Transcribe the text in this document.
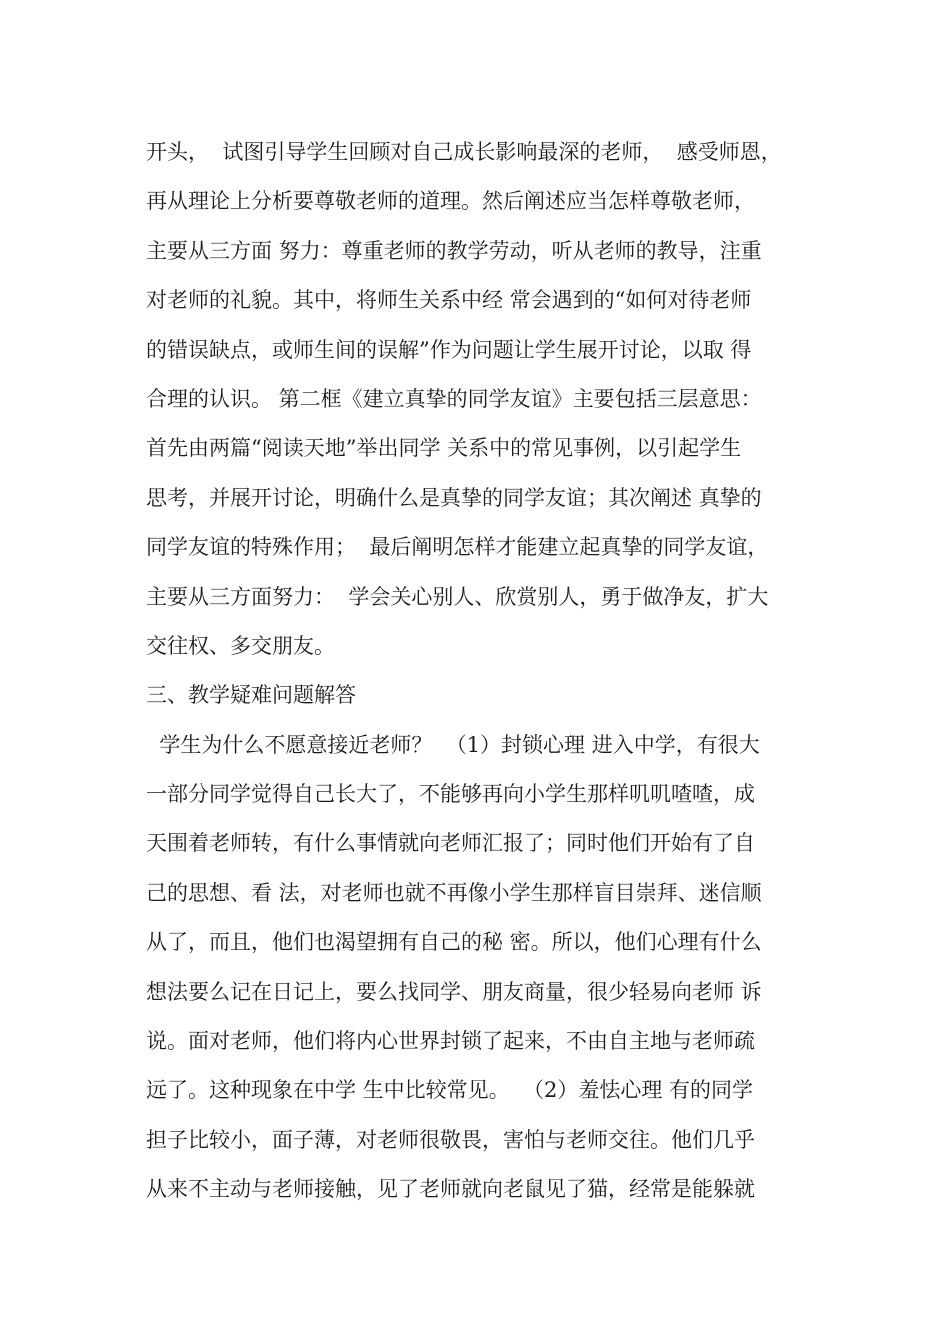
开头，  试图引导学生回顾对自己成长影响最深的老师，  感受师恩，
再从理论上分析要尊敬老师的道理。然后阐述应当怎样尊敬老师，
主要从三方面 努力：尊重老师的教学劳动，听从老师的教导，注重
对老师的礼貌。其中，将师生关系中经 常会遇到的“如何对待老师
的错误缺点，或师生间的误解”作为问题让学生展开讨论，以取 得
合理的认识。 第二框《建立真挚的同学友谊》主要包括三层意思：
首先由两篇“阅读天地”举出同学 关系中的常见事例，以引起学生
思考，并展开讨论，明确什么是真挚的同学友谊；其次阐述 真挚的
同学友谊的特殊作用；  最后阐明怎样才能建立起真挚的同学友谊，
主要从三方面努力：  学会关心别人、欣赏别人，勇于做净友，扩大
交往权、多交朋友。
三、教学疑难问题解答
学生为什么不愿意接近老师？  （1）封锁心理 进入中学，有很大
一部分同学觉得自己长大了，不能够再向小学生那样叽叽喳喳，成
天围着老师转，有什么事情就向老师汇报了；同时他们开始有了自
己的思想、看 法，对老师也就不再像小学生那样盲目崇拜、迷信顺
从了，而且，他们也渴望拥有自己的秘 密。所以，他们心理有什么
想法要么记在日记上，要么找同学、朋友商量，很少轻易向老师 诉
说。面对老师，他们将内心世界封锁了起来，不由自主地与老师疏
远了。这种现象在中学 生中比较常见。  （2）羞怯心理 有的同学
担子比较小，面子薄，对老师很敬畏，害怕与老师交往。他们几乎
从来不主动与老师接触，见了老师就向老鼠见了猫，经常是能躲就
